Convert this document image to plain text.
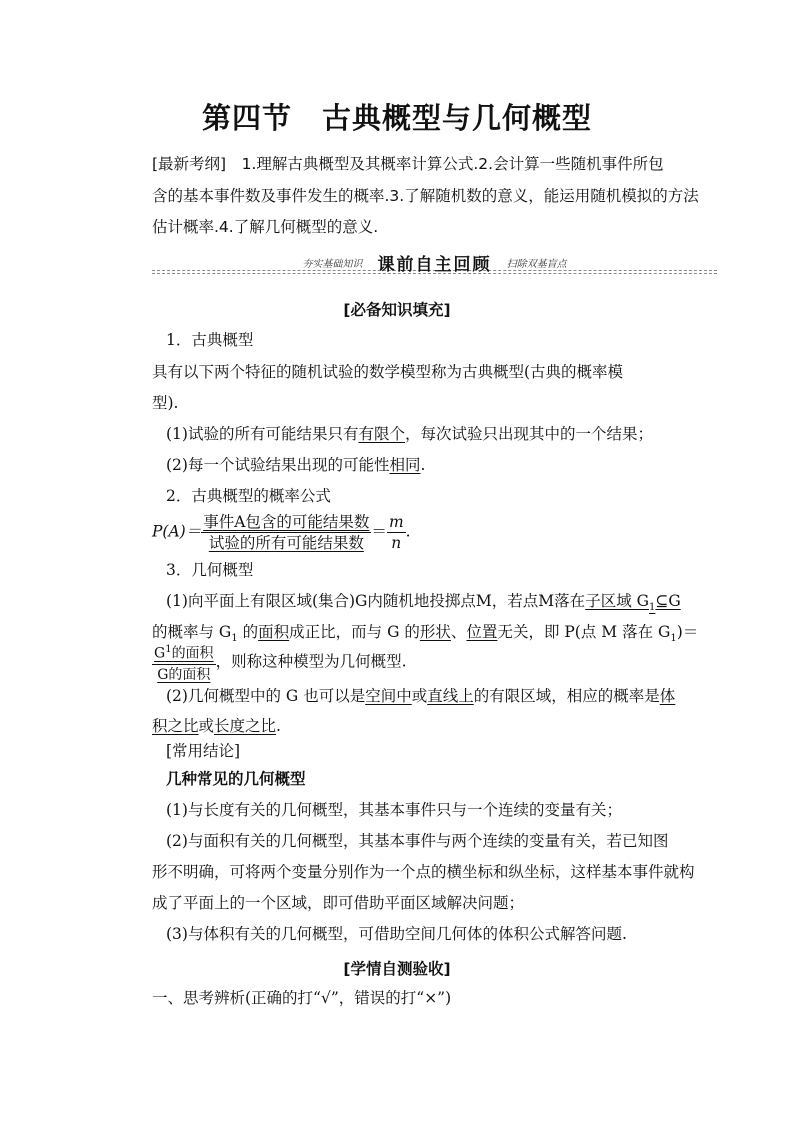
第四节 古典概型与几何概型
[最新考纲]　1.理解古典概型及其概率计算公式.2.会计算一些随机事件所包
含的基本事件数及事件发生的概率.3.了解随机数的意义，能运用随机模拟的方法
估计概率.4.了解几何概型的意义.
夯实基础知识 课前自主回顾 扫除双基盲点
[必备知识填充]
1．古典概型
具有以下两个特征的随机试验的数学模型称为古典概型(古典的概率模
型).
(1)试验的所有可能结果只有有限个，每次试验只出现其中的一个结果；
(2)每一个试验结果出现的可能性相同.
2．古典概型的概率公式
$P(A)= \frac{\text{事件A包含的可能结果数}}{\text{试验的所有可能结果数}} = \frac{m}{n}$ .
3．几何概型
(1)向平面上有限区域(集合)G内随机地投掷点M，若点M落在子区域 $G_1⊆G$
的概率与 $G_1$ 的面积成正比，而与 G 的形状、位置无关，即 P(点 M 落在 $G_1)=$
$\frac{G^1的面积}{\text{G的面积}}$ ，则称这种模型为几何概型.
(2)几何概型中的 G 也可以是空间中或直线上的有限区域，相应的概率是体
积之比或长度之比.
[常用结论]
几种常见的几何概型
(1)与长度有关的几何概型，其基本事件只与一个连续的变量有关；
(2)与面积有关的几何概型，其基本事件与两个连续的变量有关，若已知图
形不明确，可将两个变量分别作为一个点的横坐标和纵坐标，这样基本事件就构
成了平面上的一个区域，即可借助平面区域解决问题；
(3)与体积有关的几何概型，可借助空间几何体的体积公式解答问题.
[学情自测验收]
一、思考辨析(正确的打“√”，错误的打“×”)
